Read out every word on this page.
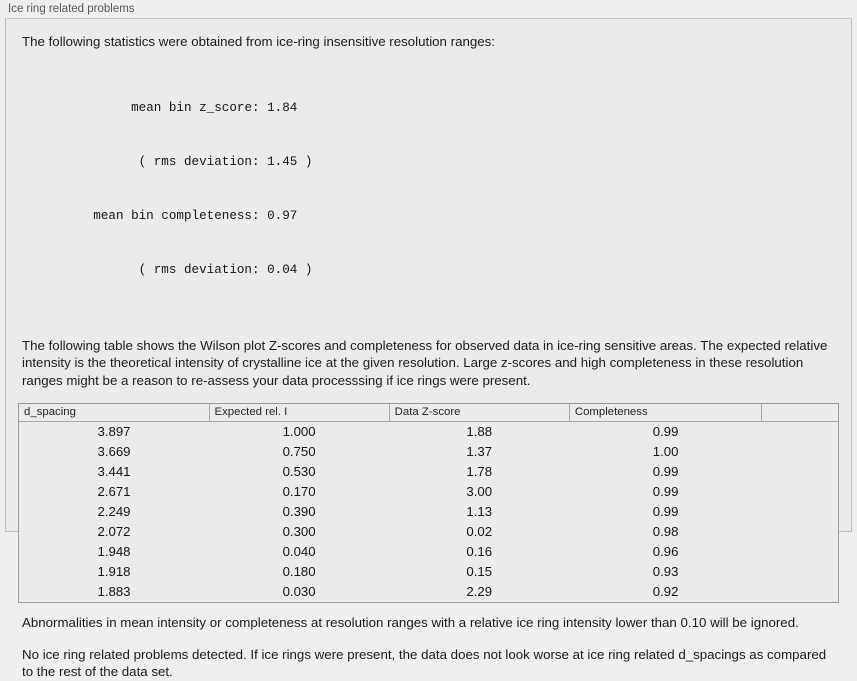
Ice ring related problems

The following statistics were obtained from ice-ring insensitive resolution ranges:

mean bin z_score: 1.84

( rms deviation: 1.45 )

mean bin completeness: 0.97

( rms deviation: 0.04 )

The following table shows the Wilson plot Z-scores and completeness for observed data in ice-ring sensitive areas. The expected relative intensity is the theoretical intensity of crystalline ice at the given resolution. Large z-scores and high completeness in these resolution ranges might be a reason to re-assess your data processsing if ice rings were present.

d_spacing	Expected rel. I	Data Z-score	Completeness	
3.897	1.000	1.88	0.99	
3.669	0.750	1.37	1.00	
3.441	0.530	1.78	0.99	
2.671	0.170	3.00	0.99	
2.249	0.390	1.13	0.99	
2.072	0.300	0.02	0.98	
1.948	0.040	0.16	0.96	
1.918	0.180	0.15	0.93	
1.883	0.030	2.29	0.92	

Abnormalities in mean intensity or completeness at resolution ranges with a relative ice ring intensity lower than 0.10 will be ignored.

No ice ring related problems detected. If ice rings were present, the data does not look worse at ice ring related d_spacings as compared to the rest of the data set.
